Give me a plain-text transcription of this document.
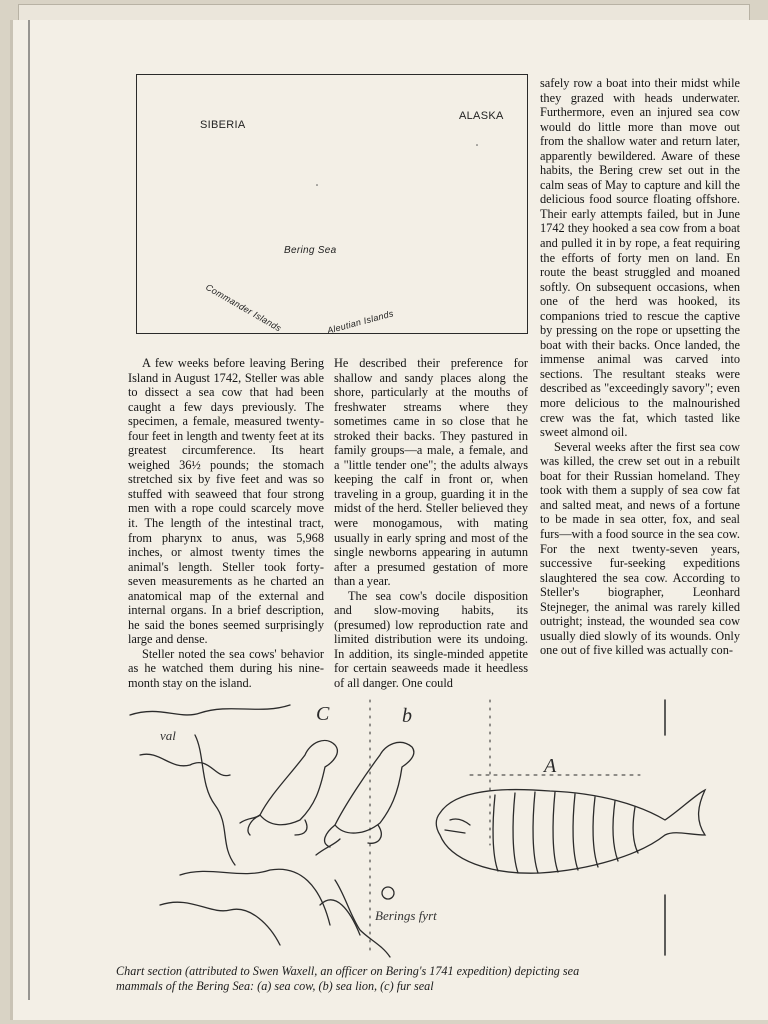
SIBERIA
ALASKA
Bering Sea
Commander Islands	Aleutian Islands

A few weeks before leaving Bering Island in August 1742, Steller was able to dissect a sea cow that had been caught a few days previously. The specimen, a female, measured twenty-four feet in length and twenty feet at its greatest circumference. Its heart weighed 36½ pounds; the stomach stretched six by five feet and was so stuffed with seaweed that four strong men with a rope could scarcely move it. The length of the intestinal tract, from pharynx to anus, was 5,968 inches, or almost twenty times the animal's length. Steller took forty-seven measurements as he charted an anatomical map of the external and internal organs. In a brief description, he said the bones seemed surprisingly large and dense.

Steller noted the sea cows' behavior as he watched them during his nine-month stay on the island.

He described their preference for shallow and sandy places along the shore, particularly at the mouths of freshwater streams where they sometimes came in so close that he stroked their backs. They pastured in family groups—a male, a female, and a "little tender one"; the adults always keeping the calf in front or, when traveling in a group, guarding it in the midst of the herd. Steller believed they were monogamous, with mating usually in early spring and most of the single newborns appearing in autumn after a presumed gestation of more than a year.

The sea cow's docile disposition and slow-moving habits, its (presumed) low reproduction rate and limited distribution were its undoing. In addition, its single-minded appetite for certain seaweeds made it heedless of all danger. One could

safely row a boat into their midst while they grazed with heads underwater. Furthermore, even an injured sea cow would do little more than move out from the shallow water and return later, apparently bewildered. Aware of these habits, the Bering crew set out in the calm seas of May to capture and kill the delicious food source floating offshore. Their early attempts failed, but in June 1742 they hooked a sea cow from a boat and pulled it in by rope, a feat requiring the efforts of forty men on land. En route the beast struggled and moaned softly. On subsequent occasions, when one of the herd was hooked, its companions tried to rescue the captive by pressing on the rope or upsetting the boat with their backs. Once landed, the immense animal was carved into sections. The resultant steaks were described as "exceedingly savory"; even more delicious to the malnourished crew was the fat, which tasted like sweet almond oil.

Several weeks after the first sea cow was killed, the crew set out in a rebuilt boat for their Russian homeland. They took with them a supply of sea cow fat and salted meat, and news of a fortune to be made in sea otter, fox, and seal furs—with a food source in the sea cow. For the next twenty-seven years, successive fur-seeking expeditions slaughtered the sea cow. According to Steller's biographer, Leonhard Stejneger, the animal was rarely killed outright; instead, the wounded sea cow usually died slowly of its wounds. Only one out of five killed was actually con-

val
Berings fyrt
C	b
A
Chart section (attributed to Swen Waxell, an officer on Bering's 1741 expedition) depicting sea mammals of the Bering Sea: (a) sea cow, (b) sea lion, (c) fur seal
